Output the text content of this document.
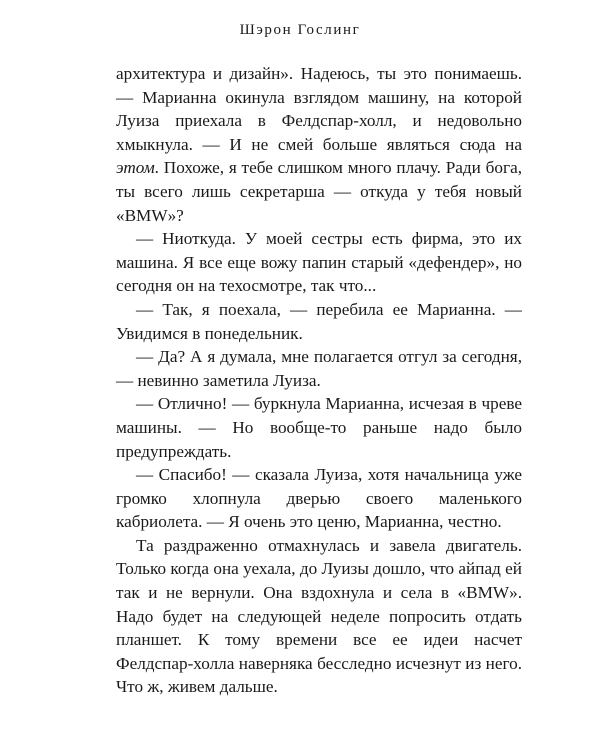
Шэрон Гослинг

архитектура и дизайн». Надеюсь, ты это понимаешь. — Марианна окинула взглядом машину, на которой Луиза приехала в Фелдспар-холл, и недовольно хмыкнула. — И не смей больше являться сюда на этом. Похоже, я тебе слишком много плачу. Ради бога, ты всего лишь секретарша — откуда у тебя новый «BMW»?

— Ниоткуда. У моей сестры есть фирма, это их машина. Я все еще вожу папин старый «дефендер», но сегодня он на техосмотре, так что...

— Так, я поехала, — перебила ее Марианна. — Увидимся в понедельник.

— Да? А я думала, мне полагается отгул за сегодня, — невинно заметила Луиза.

— Отлично! — буркнула Марианна, исчезая в чреве машины. — Но вообще-то раньше надо было предупреждать.

— Спасибо! — сказала Луиза, хотя начальница уже громко хлопнула дверью своего маленького кабриолета. — Я очень это ценю, Марианна, честно.

Та раздраженно отмахнулась и завела двигатель. Только когда она уехала, до Луизы дошло, что айпад ей так и не вернули. Она вздохнула и села в «BMW». Надо будет на следующей неделе попросить отдать планшет. К тому времени все ее идеи насчет Фелдспар-холла наверняка бесследно исчезнут из него. Что ж, живем дальше.
